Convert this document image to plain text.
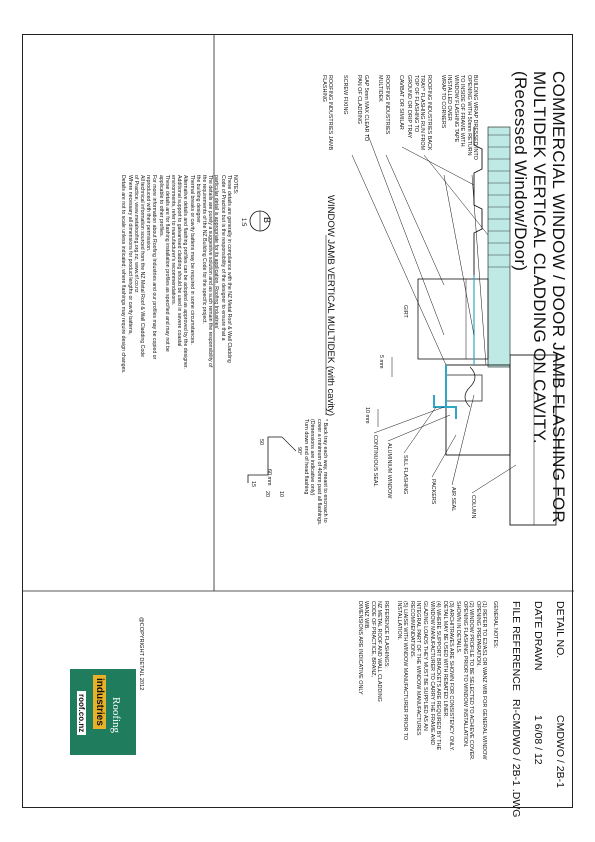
COMMERCIAL WINDOW / DOOR JAMB FLASHING FOR
MULTIDEK VERTICAL CLADDING ON CAVITY.
(Recessed Window/Door)
DETAIL NO.
CMDWO / 2B-1
DATE DRAWN
1 6/08 / 12
FILE REFERENCE
RI-CMDWO / 2B-1 .DWG
GENERAL NOTES:
(1) REFER TO E2/AS1 OR WANZ WIB FOR GENERAL WINDOW
OPENING PREPARATION.
(2) WINDOW PROFILE TO BE SELECTED TO ACHIEVE COVER.
OPENING FLASHING PRIOR TO WINDOW INSTALLATION.
SHOWN IN DETAILS.
(3) ARCHITRAVES ARE SHOWN FOR CONSISTENCY ONLY.
DETAIL MAY BE USED WITH REBATED LINER.
(4) WHERE SUPPORT BRACKETS ARE REQUIRED BY THE
WINDOW MANUFACTURER TO CARRY THE FRAME AND
GLAZING LOADS THEY MUST BE SUPPLIED AS AN
INTEGRAL PART OF THE WINDOW MANUFACTURES
RECOMMENDATIONS.
(5) LIAISE WITH WINDOW MANUFACTURER PRIOR TO
INSTALLATION.
REFERENCE FLASHINGS:
NZ METAL ROOF AND WALL CLADDING
CODE OF PRACTICE, BRANZ,
WANZ WIB.
DIMENSIONS ARE INDICATIVE ONLY
BUILDING WRAP DRESSED INTO
OPENING WITH 50mm RETURN
TO INSIDE OF FRAME WITH
WINDOW FLASHING TAPE
INSTALLED OVER
WRAP TO CORNERS
ROOFING INDUSTRIES BACK
TRAY* FLASHING RUN FROM
TOP OF FLASHING TO
GROUND OR DRIP TRAY
CAVIBAT OR SIMILAR
ROOFING INDUSTRIES
MULTIDEK
GAP 5mm MAX CLEAR TO
PAN OF CLADDING
SCREW FIXING
ROOFING INDUSTRIES JAMB
FLASHING
COLUMN
AIR SEAL
PACKERS
SILL FLASHING
ALUMINIUM WINDOW
CONTINUOUS SEAL
GIRT
5 mm
10 mm
B
1:5	WINDOW JAMB VERTICAL MULTIDEK (with cavity)
* Back tray each way, meant to encroach to
cover a minimum of 40mm past all flashings.
(Dimensions are indicative only)
Turn down end of head flashing
90°
50
15 60 mm
20 10
NOTES:
These details are generally in compliance with the NZ Metal Roof & Wall Cladding
Code of Practice but is the responsibility of the designer to ensure that a
particular detail is appropriate for its application. Roofing Industries'
The details are purely a suggestive solution and as such remain the responsibility of
the requirements of the NZ Building Code for the specific project.
the building designer.
Thermal breaks or cavity battens may be required in some circumstances.
Alternative details and flashing profiles can be adopted as approved by the designer.
Additional support to galvanised cladding should be used in severe coastal
environments, refer to manufacturer's recommendations.
These details are for flashing installation profiles as specified and may not be
applicable to other profiles.
For more information about Roofing Industries and our profiles may be copied or
reproduced with their permission.
All technical information sourced from the NZ Metal Roof & Wall Cladding Code
of Practice, www.metalroofing.org.nz, www.rif.co.nz
Where necessary all dimensions for product lengths or cavity battens,
Details are not to scale unless indicated; where flashings may require design changes.
@COPYRIGHT DETAIL 2012
Roofing
industries
roof.co.nz
